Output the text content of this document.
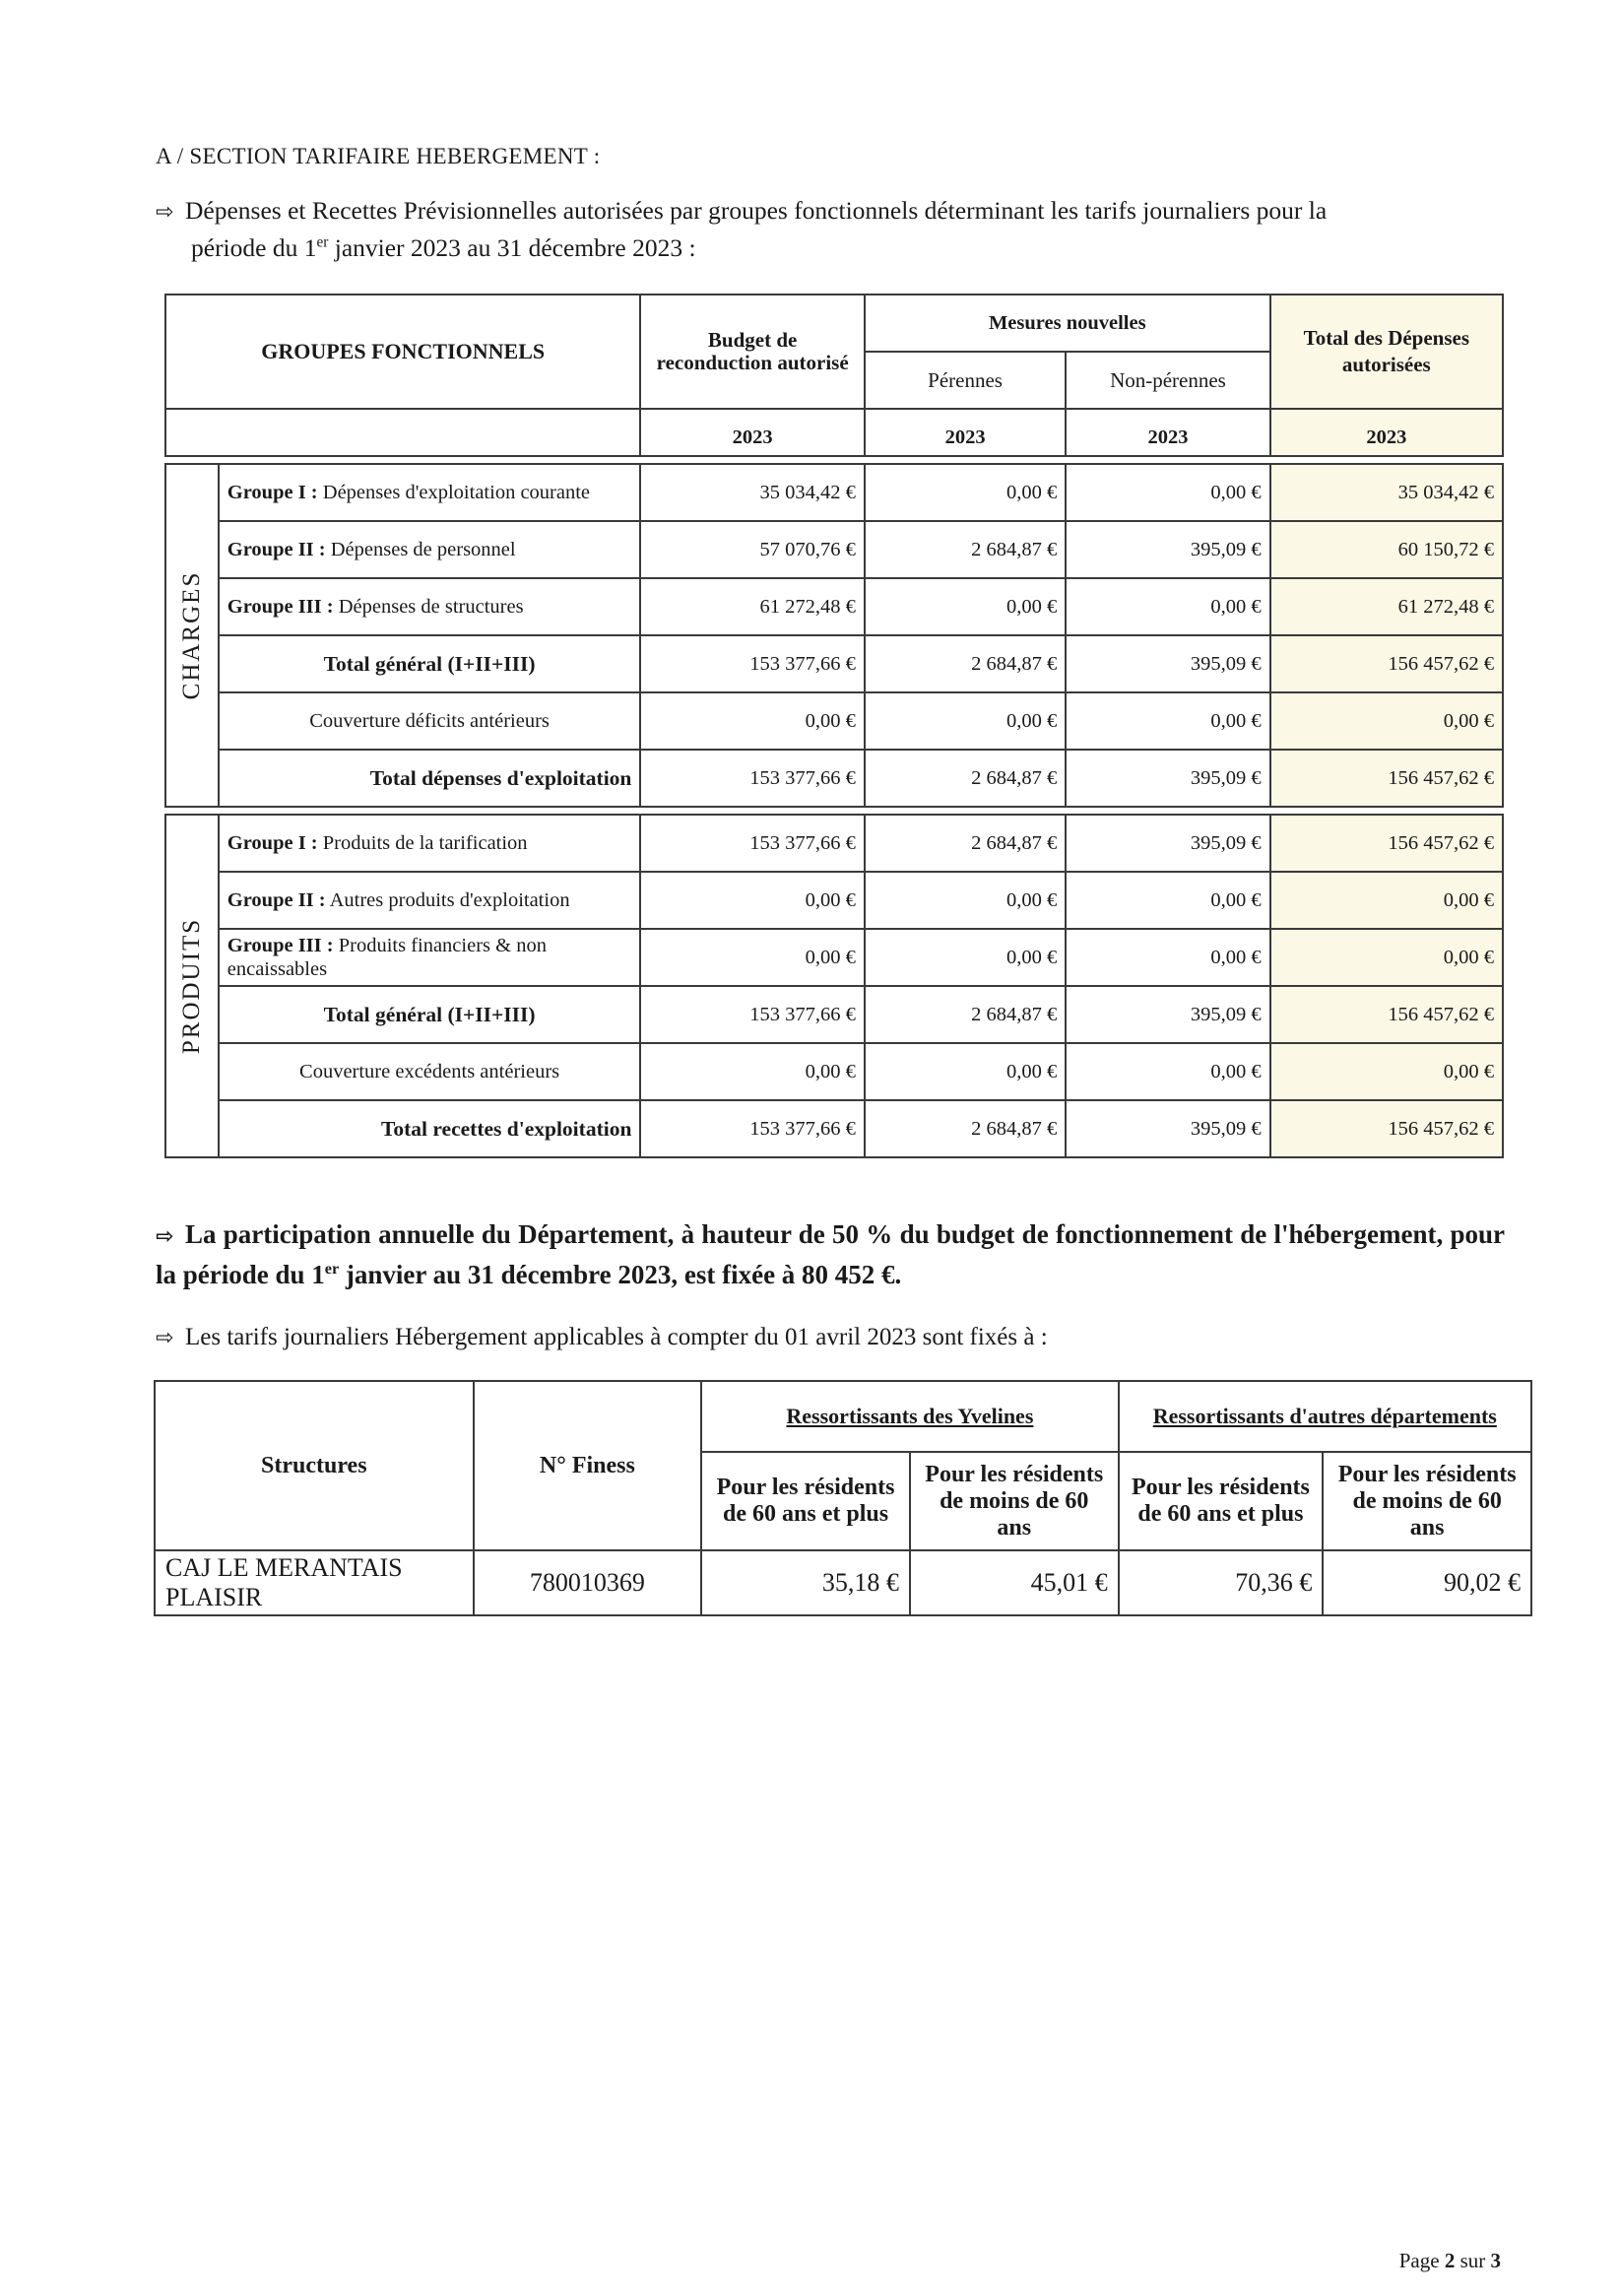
A / SECTION TARIFAIRE HEBERGEMENT :
⇨ Dépenses et Recettes Prévisionnelles autorisées par groupes fonctionnels déterminant les tarifs journaliers pour la
période du 1er janvier 2023 au 31 décembre 2023 :
GROUPES FONCTIONNELS		Budget de reconduction autorisé	Mesures nouvelles		Total des Dépenses autorisées
			Pérennes	Non-pérennes	
		2023	2023	2023	2023

CHARGES	Groupe I : Dépenses d'exploitation courante	35 034,42 €	0,00 €	0,00 €	35 034,42 €
	Groupe II : Dépenses de personnel	57 070,76 €	2 684,87 €	395,09 €	60 150,72 €
	Groupe III : Dépenses de structures	61 272,48 €	0,00 €	0,00 €	61 272,48 €
	Total général (I+II+III)	153 377,66 €	2 684,87 €	395,09 €	156 457,62 €
	Couverture déficits antérieurs	0,00 €	0,00 €	0,00 €	0,00 €
	Total dépenses d'exploitation	153 377,66 €	2 684,87 €	395,09 €	156 457,62 €

PRODUITS	Groupe I : Produits de la tarification	153 377,66 €	2 684,87 €	395,09 €	156 457,62 €
	Groupe II : Autres produits d'exploitation	0,00 €	0,00 €	0,00 €	0,00 €
	Groupe III : Produits financiers & non encaissables	0,00 €	0,00 €	0,00 €	0,00 €
	Total général (I+II+III)	153 377,66 €	2 684,87 €	395,09 €	156 457,62 €
	Couverture excédents antérieurs	0,00 €	0,00 €	0,00 €	0,00 €
	Total recettes d'exploitation	153 377,66 €	2 684,87 €	395,09 €	156 457,62 €
⇨ La participation annuelle du Département, à hauteur de 50 % du budget de fonctionnement de l'hébergement, pour la période du 1er janvier au 31 décembre 2023, est fixée à 80 452 €.
⇨ Les tarifs journaliers Hébergement applicables à compter du 01 avril 2023 sont fixés à :
Structures	N° Finess	Ressortissants des Yvelines		Ressortissants d'autres départements	
		Pour les résidents de 60 ans et plus	Pour les résidents de moins de 60 ans	Pour les résidents de 60 ans et plus	Pour les résidents de moins de 60 ans
CAJ LE MERANTAIS PLAISIR	780010369	35,18 €	45,01 €	70,36 €	90,02 €
Page 2 sur 3
